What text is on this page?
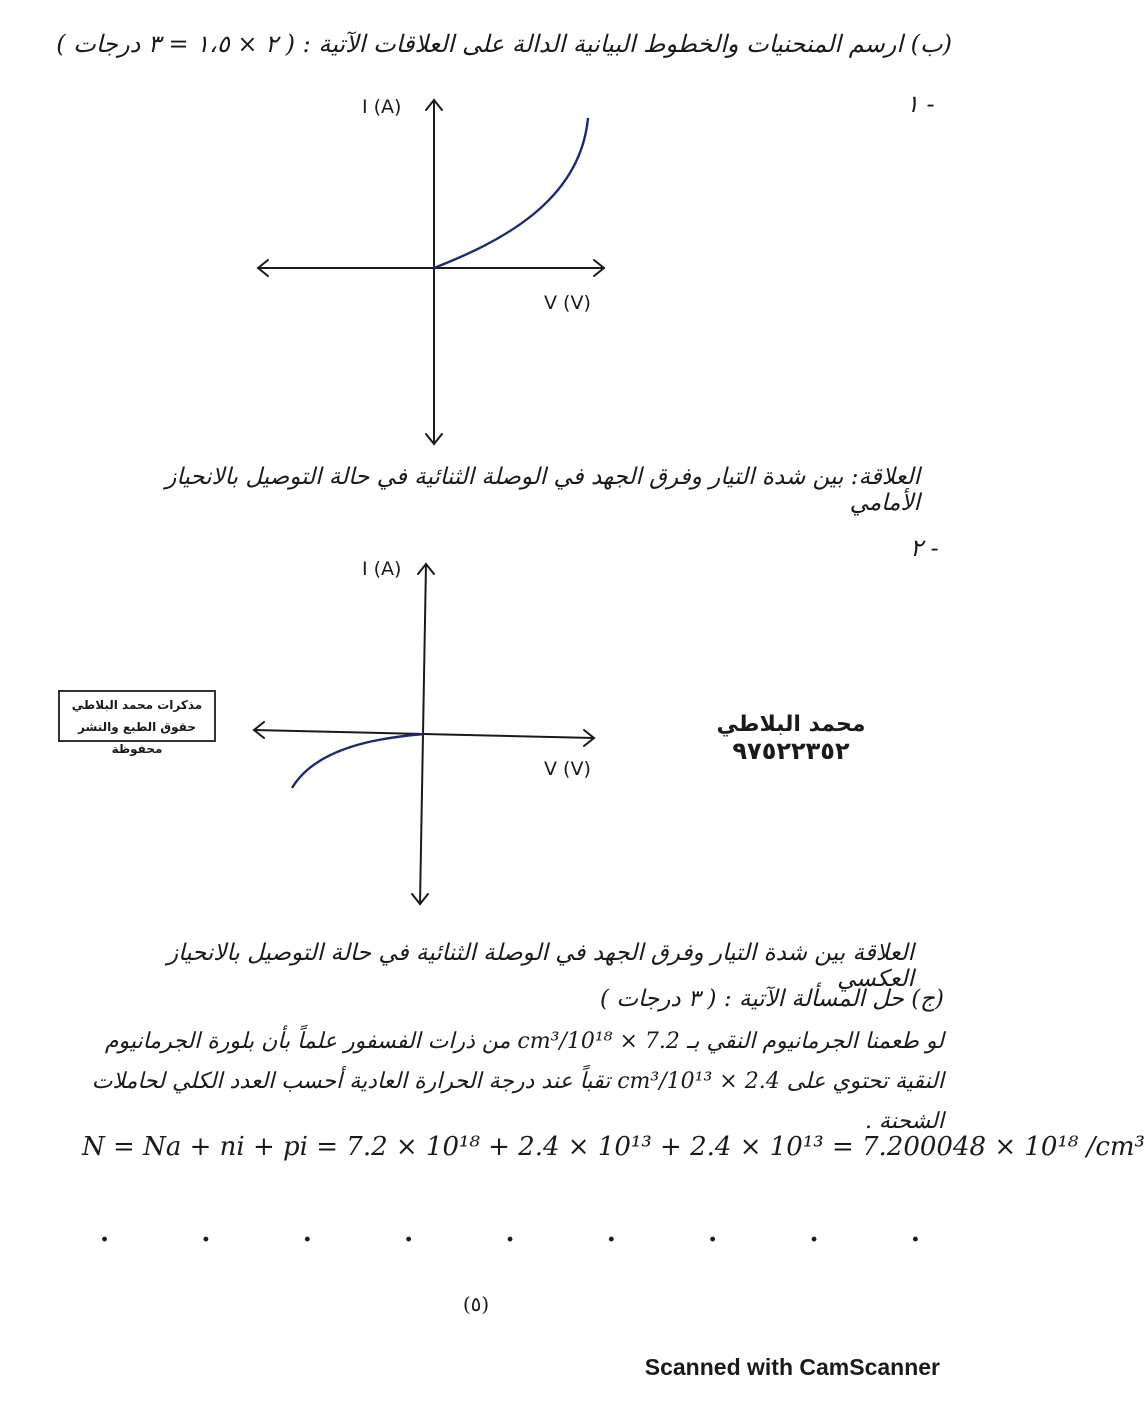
(ب) ارسم المنحنيات والخطوط البيانية الدالة على العلاقات الآتية : ( ٢ × ١،٥ = ٣ درجات )
١ -
I (A)
V (V)
العلاقة: بين شدة التيار وفرق الجهد في الوصلة الثنائية في حالة التوصيل بالانحياز الأمامي
٢ -
I (A)
V (V)
مذكرات محمد البلاطي
حقوق الطبع والنشر محفوظة
محمد البلاطي
٩٧٥٢٢٣٥٢
العلاقة بين شدة التيار وفرق الجهد في الوصلة الثنائية في حالة التوصيل بالانحياز العكسي
(ج) حل المسألة الآتية : ( ٣ درجات )
لو طعمنا الجرمانيوم النقي بـ 7.2 × 10¹⁸/cm³ من ذرات الفسفور علماً بأن بلورة الجرمانيوم
النقية تحتوي على 2.4 × 10¹³/cm³ تقباً عند درجة الحرارة العادية أحسب العدد الكلي لحاملات
الشحنة .
N = Na + ni + pi = 7.2 × 10¹⁸ + 2.4 × 10¹³ + 2.4 × 10¹³ = 7.200048 × 10¹⁸ /cm³
.	.	.	.	.	.	.	.	.
(٥)
Scanned with CamScanner
